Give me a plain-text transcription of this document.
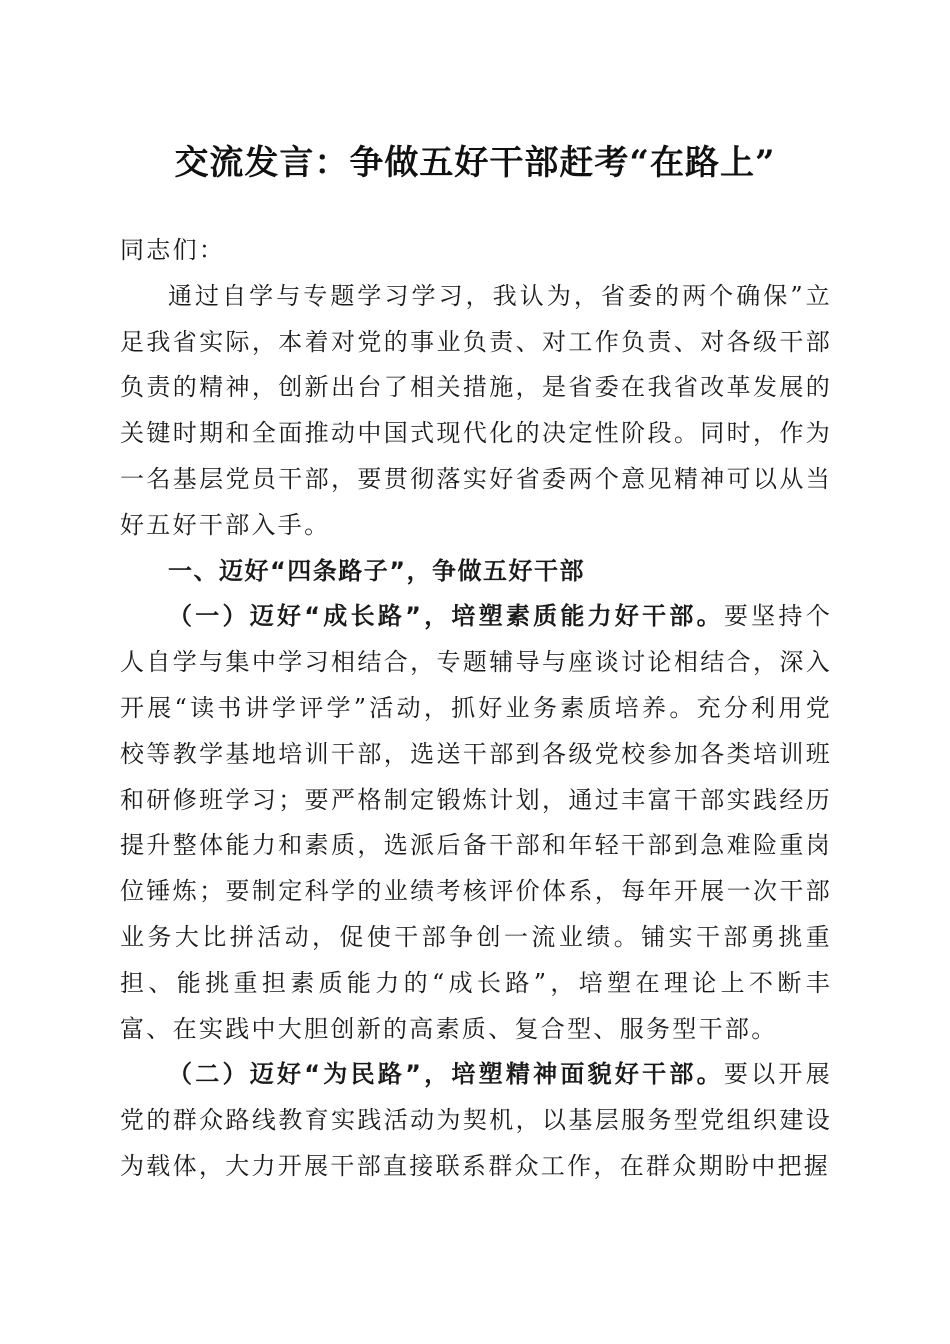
交流发言：争做五好干部赶考“在路上”

同志们：

通过自学与专题学习学习，我认为，省委的两个确保”立足我省实际，本着对党的事业负责、对工作负责、对各级干部负责的精神，创新出台了相关措施，是省委在我省改革发展的关键时期和全面推动中国式现代化的决定性阶段。同时，作为一名基层党员干部，要贯彻落实好省委两个意见精神可以从当好五好干部入手。

一、迈好“四条路子”，争做五好干部

（一）迈好“成长路”，培塑素质能力好干部。要坚持个人自学与集中学习相结合，专题辅导与座谈讨论相结合，深入开展“读书讲学评学”活动，抓好业务素质培养。充分利用党校等教学基地培训干部，选送干部到各级党校参加各类培训班和研修班学习；要严格制定锻炼计划，通过丰富干部实践经历提升整体能力和素质，选派后备干部和年轻干部到急难险重岗位锤炼；要制定科学的业绩考核评价体系，每年开展一次干部业务大比拼活动，促使干部争创一流业绩。铺实干部勇挑重担、能挑重担素质能力的“成长路”，培塑在理论上不断丰富、在实践中大胆创新的高素质、复合型、服务型干部。

（二）迈好“为民路”，培塑精神面貌好干部。要以开展党的群众路线教育实践活动为契机，以基层服务型党组织建设为载体，大力开展干部直接联系群众工作，在群众期盼中把握
